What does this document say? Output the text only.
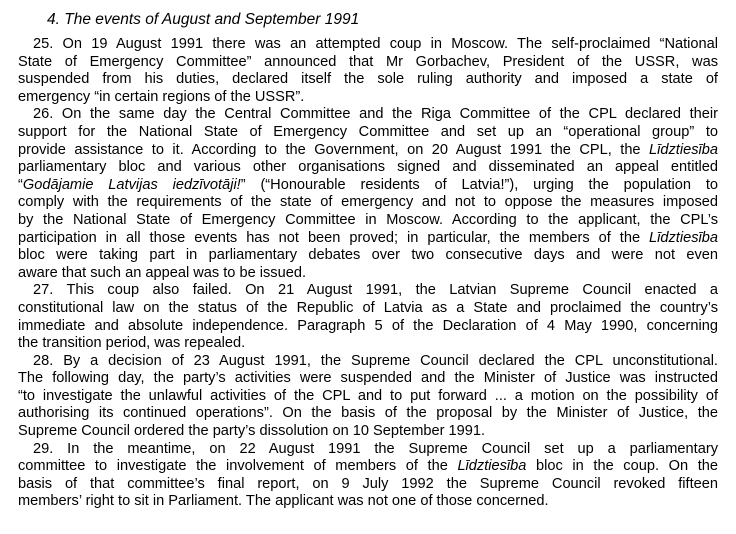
4. The events of August and September 1991
25. On 19 August 1991 there was an attempted coup in Moscow. The self-proclaimed “National
State of Emergency Committee” announced that Mr Gorbachev, President of the USSR, was
suspended from his duties, declared itself the sole ruling authority and imposed a state of
emergency “in certain regions of the USSR”.
26. On the same day the Central Committee and the Riga Committee of the CPL declared their
support for the National State of Emergency Committee and set up an “operational group” to
provide assistance to it. According to the Government, on 20 August 1991 the CPL, the Līdztiesība
parliamentary bloc and various other organisations signed and disseminated an appeal entitled
“Godājamie Latvijas iedzīvotāji!” (“Honourable residents of Latvia!”), urging the population to
comply with the requirements of the state of emergency and not to oppose the measures imposed
by the National State of Emergency Committee in Moscow. According to the applicant, the CPL’s
participation in all those events has not been proved; in particular, the members of the Līdztiesība
bloc were taking part in parliamentary debates over two consecutive days and were not even
aware that such an appeal was to be issued.
27. This coup also failed. On 21 August 1991, the Latvian Supreme Council enacted a
constitutional law on the status of the Republic of Latvia as a State and proclaimed the country’s
immediate and absolute independence. Paragraph 5 of the Declaration of 4 May 1990, concerning
the transition period, was repealed.
28. By a decision of 23 August 1991, the Supreme Council declared the CPL unconstitutional.
The following day, the party’s activities were suspended and the Minister of Justice was instructed
“to investigate the unlawful activities of the CPL and to put forward ... a motion on the possibility of
authorising its continued operations”. On the basis of the proposal by the Minister of Justice, the
Supreme Council ordered the party’s dissolution on 10 September 1991.
29. In the meantime, on 22 August 1991 the Supreme Council set up a parliamentary
committee to investigate the involvement of members of the Līdztiesība bloc in the coup. On the
basis of that committee’s final report, on 9 July 1992 the Supreme Council revoked fifteen
members’ right to sit in Parliament. The applicant was not one of those concerned.
